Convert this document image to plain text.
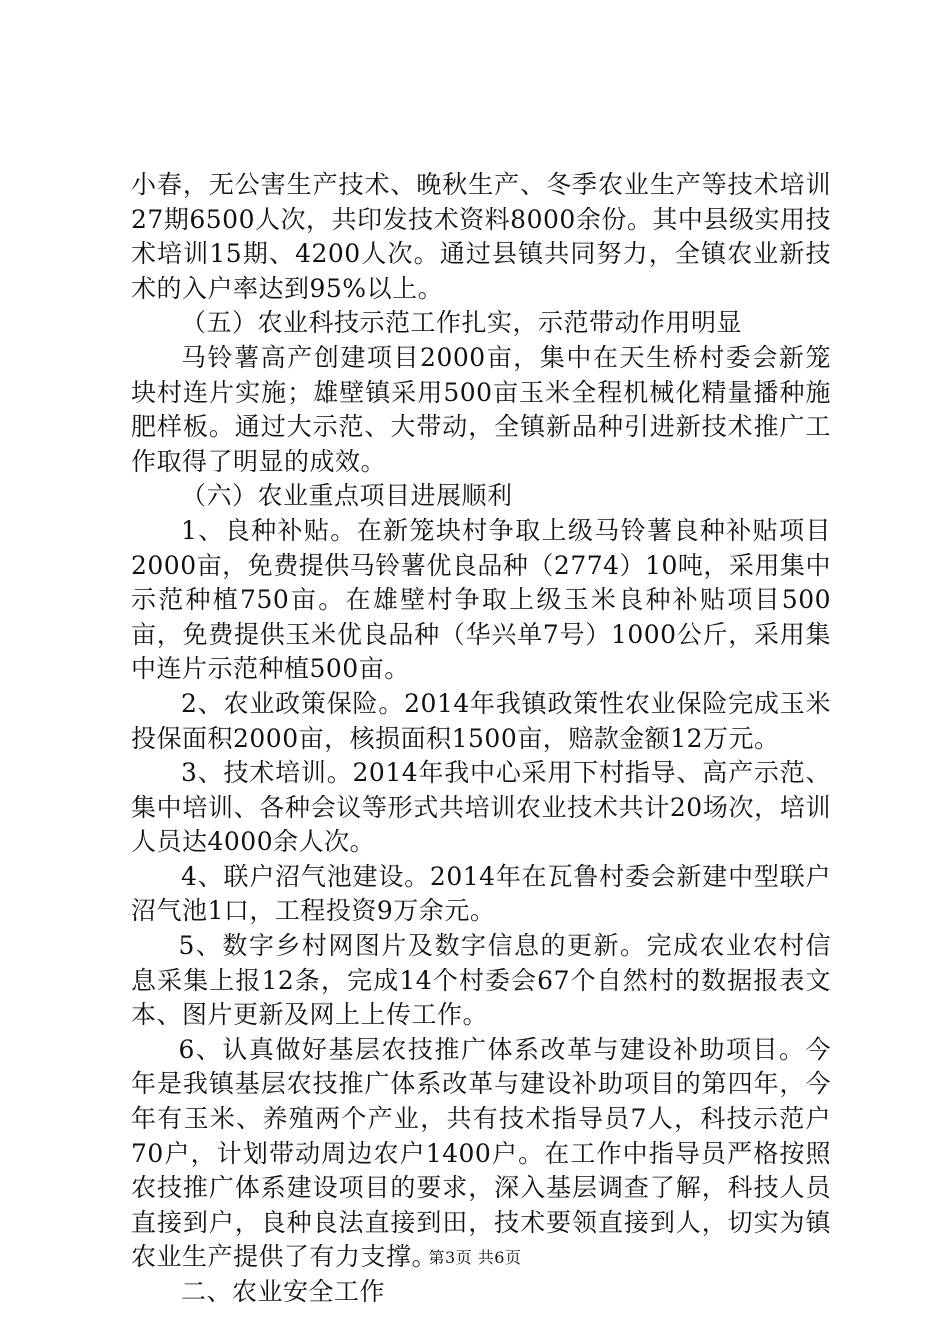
小春，无公害生产技术、晚秋生产、冬季农业生产等技术培训27期6500人次，共印发技术资料8000余份。其中县级实用技术培训15期、4200人次。通过县镇共同努力，全镇农业新技术的入户率达到95%以上。

（五）农业科技示范工作扎实，示范带动作用明显

马铃薯高产创建项目2000亩，集中在天生桥村委会新笼块村连片实施；雄壁镇采用500亩玉米全程机械化精量播种施肥样板。通过大示范、大带动，全镇新品种引进新技术推广工作取得了明显的成效。

（六）农业重点项目进展顺利

1、良种补贴。在新笼块村争取上级马铃薯良种补贴项目2000亩，免费提供马铃薯优良品种（2774）10吨，采用集中示范种植750亩。在雄壁村争取上级玉米良种补贴项目500亩，免费提供玉米优良品种（华兴单7号）1000公斤，采用集中连片示范种植500亩。

2、农业政策保险。2014年我镇政策性农业保险完成玉米投保面积2000亩，核损面积1500亩，赔款金额12万元。

3、技术培训。2014年我中心采用下村指导、高产示范、集中培训、各种会议等形式共培训农业技术共计20场次，培训人员达4000余人次。

4、联户沼气池建设。2014年在瓦鲁村委会新建中型联户沼气池1口，工程投资9万余元。

5、数字乡村网图片及数字信息的更新。完成农业农村信息采集上报12条，完成14个村委会67个自然村的数据报表文本、图片更新及网上上传工作。

6、认真做好基层农技推广体系改革与建设补助项目。今年是我镇基层农技推广体系改革与建设补助项目的第四年，今年有玉米、养殖两个产业，共有技术指导员7人，科技示范户70户，计划带动周边农户1400户。在工作中指导员严格按照农技推广体系建设项目的要求，深入基层调查了解，科技人员直接到户，良种良法直接到田，技术要领直接到人，切实为镇农业生产提供了有力支撑。

二、农业安全工作

第3页 共6页
